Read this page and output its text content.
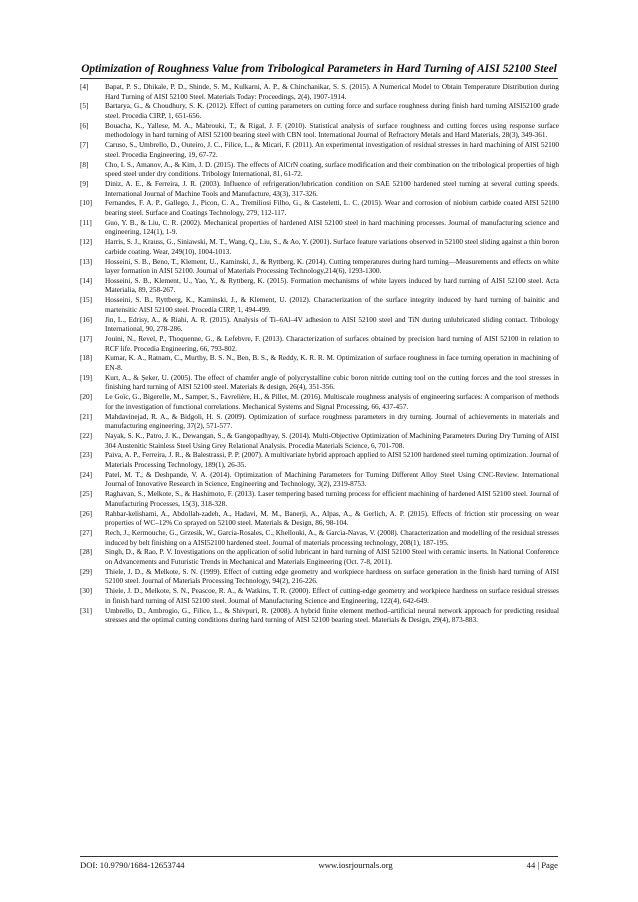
Optimization of Roughness Value from Tribological Parameters in Hard Turning of AISI 52100 Steel
[4]	Bapat, P. S., Dhikale, P. D., Shinde, S. M., Kulkarni, A. P., & Chinchanikar, S. S. (2015). A Numerical Model to Obtain Temperature Distribution during Hard Turning of AISI 52100 Steel. Materials Today: Proceedings, 2(4), 1907-1914.
[5]	Bartarya, G., & Choudhury, S. K. (2012). Effect of cutting parameters on cutting force and surface roughness during finish hard turning AISI52100 grade steel. Procedia CIRP, 1, 651-656.
[6]	Bouacha, K., Yallese, M. A., Mabrouki, T., & Rigal, J. F. (2010). Statistical analysis of surface roughness and cutting forces using response surface methodology in hard turning of AISI 52100 bearing steel with CBN tool. International Journal of Refractory Metals and Hard Materials, 28(3), 349-361.
[7]	Caruso, S., Umbrello, D., Outeiro, J. C., Filice, L., & Micari, F. (2011). An experimental investigation of residual stresses in hard machining of AISI 52100 steel. Procedia Engineering, 19, 67-72.
[8]	Cho, I. S., Amanov, A., & Kim, J. D. (2015). The effects of AlCrN coating, surface modification and their combination on the tribological properties of high speed steel under dry conditions. Tribology International, 81, 61-72.
[9]	Diniz, A. E., & Ferreira, J. R. (2003). Influence of refrigeration/lubrication condition on SAE 52100 hardened steel turning at several cutting speeds. International Journal of Machine Tools and Manufacture, 43(3), 317-326.
[10]	Fernandes, F. A. P., Gallego, J., Picon, C. A., Tremiliosi Filho, G., & Casteletti, L. C. (2015). Wear and corrosion of niobium carbide coated AISI 52100 bearing steel. Surface and Coatings Technology, 279, 112-117.
[11]	Guo, Y. B., & Liu, C. R. (2002). Mechanical properties of hardened AISI 52100 steel in hard machining processes. Journal of manufacturing science and engineering, 124(1), 1-9.
[12]	Harris, S. J., Krauss, G., Siniawski, M. T., Wang, Q., Liu, S., & Ao, Y. (2001). Surface feature variations observed in 52100 steel sliding against a thin boron carbide coating. Wear, 249(10), 1004-1013.
[13]	Hosseini, S. B., Beno, T., Klement, U., Kaminski, J., & Ryttberg, K. (2014). Cutting temperatures during hard turning—Measurements and effects on white layer formation in AISI 52100. Journal of Materials Processing Technology,214(6), 1293-1300.
[14]	Hosseini, S. B., Klement, U., Yao, Y., & Ryttberg, K. (2015). Formation mechanisms of white layers induced by hard turning of AISI 52100 steel. Acta Materialia, 89, 258-267.
[15]	Hosseini, S. B., Ryttberg, K., Kaminski, J., & Klement, U. (2012). Characterization of the surface integrity induced by hard turning of bainitic and martensitic AISI 52100 steel. Procedia CIRP, 1, 494-499.
[16]	Jin, L., Edrisy, A., & Riahi, A. R. (2015). Analysis of Ti–6Al–4V adhesion to AISI 52100 steel and TiN during unlubricated sliding contact. Tribology International, 90, 278-286.
[17]	Jouini, N., Revel, P., Thoquenne, G., & Lefebvre, F. (2013). Characterization of surfaces obtained by precision hard turning of AISI 52100 in relation to RCF life. Procedia Engineering, 66, 793-802.
[18]	Kumar, K. A., Ratnam, C., Murthy, B. S. N., Ben, B. S., & Reddy, K. R. R. M. Optimization of surface roughness in face turning operation in machining of EN-8.
[19]	Kurt, A., & Şeker, U. (2005). The effect of chamfer angle of polycrystalline cubic boron nitride cutting tool on the cutting forces and the tool stresses in finishing hard turning of AISI 52100 steel. Materials & design, 26(4), 351-356.
[20]	Le Goïc, G., Bigerelle, M., Samper, S., Favrelière, H., & Pillet, M. (2016). Multiscale roughness analysis of engineering surfaces: A comparison of methods for the investigation of functional correlations. Mechanical Systems and Signal Processing, 66, 437-457.
[21]	Mahdavinejad, R. A., & Bidgoli, H. S. (2009). Optimization of surface roughness parameters in dry turning. Journal of achievements in materials and manufacturing engineering, 37(2), 571-577.
[22]	Nayak, S. K., Patro, J. K., Dewangan, S., & Gangopadhyay, S. (2014). Multi-Objective Optimization of Machining Parameters During Dry Turning of AISI 304 Austenitic Stainless Steel Using Grey Relational Analysis. Procedia Materials Science, 6, 701-708.
[23]	Paiva, A. P., Ferreira, J. R., & Balestrassi, P. P. (2007). A multivariate hybrid approach applied to AISI 52100 hardened steel turning optimization. Journal of Materials Processing Technology, 189(1), 26-35.
[24]	Patel, M. T., & Deshpande, V. A. (2014). Optimization of Machining Parameters for Turning Different Alloy Steel Using CNC-Review. International Journal of Innovative Research in Science, Engineering and Technology, 3(2), 2319-8753.
[25]	Raghavan, S., Melkote, S., & Hashimoto, F. (2013). Laser tempering based turning process for efficient machining of hardened AISI 52100 steel. Journal of Manufacturing Processes, 15(3), 318-328.
[26]	Rahbar-kelishami, A., Abdollah-zadeh, A., Hadavi, M. M., Banerji, A., Alpas, A., & Gerlich, A. P. (2015). Effects of friction stir processing on wear properties of WC–12% Co sprayed on 52100 steel. Materials & Design, 86, 98-104.
[27]	Rech, J., Kermouche, G., Grzesik, W., Garcia-Rosales, C., Khellouki, A., & Garcia-Navas, V. (2008). Characterization and modelling of the residual stresses induced by belt finishing on a AISI52100 hardened steel. Journal of materials processing technology, 208(1), 187-195.
[28]	Singh, D., & Rao, P. V. Investigations on the application of solid lubricant in hard turning of AISI 52100 Steel with ceramic inserts. In National Conference on Advancements and Futuristic Trends in Mechanical and Materials Engineering (Oct. 7-8, 2011).
[29]	Thiele, J. D., & Melkote, S. N. (1999). Effect of cutting edge geometry and workpiece hardness on surface generation in the finish hard turning of AISI 52100 steel. Journal of Materials Processing Technology, 94(2), 216-226.
[30]	Thiele, J. D., Melkote, S. N., Peascoe, R. A., & Watkins, T. R. (2000). Effect of cutting-edge geometry and workpiece hardness on surface residual stresses in finish hard turning of AISI 52100 steel. Journal of Manufacturing Science and Engineering, 122(4), 642-649.
[31]	Umbrello, D., Ambrogio, G., Filice, L., & Shivpuri, R. (2008). A hybrid finite element method–artificial neural network approach for predicting residual stresses and the optimal cutting conditions during hard turning of AISI 52100 bearing steel. Materials & Design, 29(4), 873-883.
DOI: 10.9790/1684-12653744	www.iosrjournals.org	44 | Page
